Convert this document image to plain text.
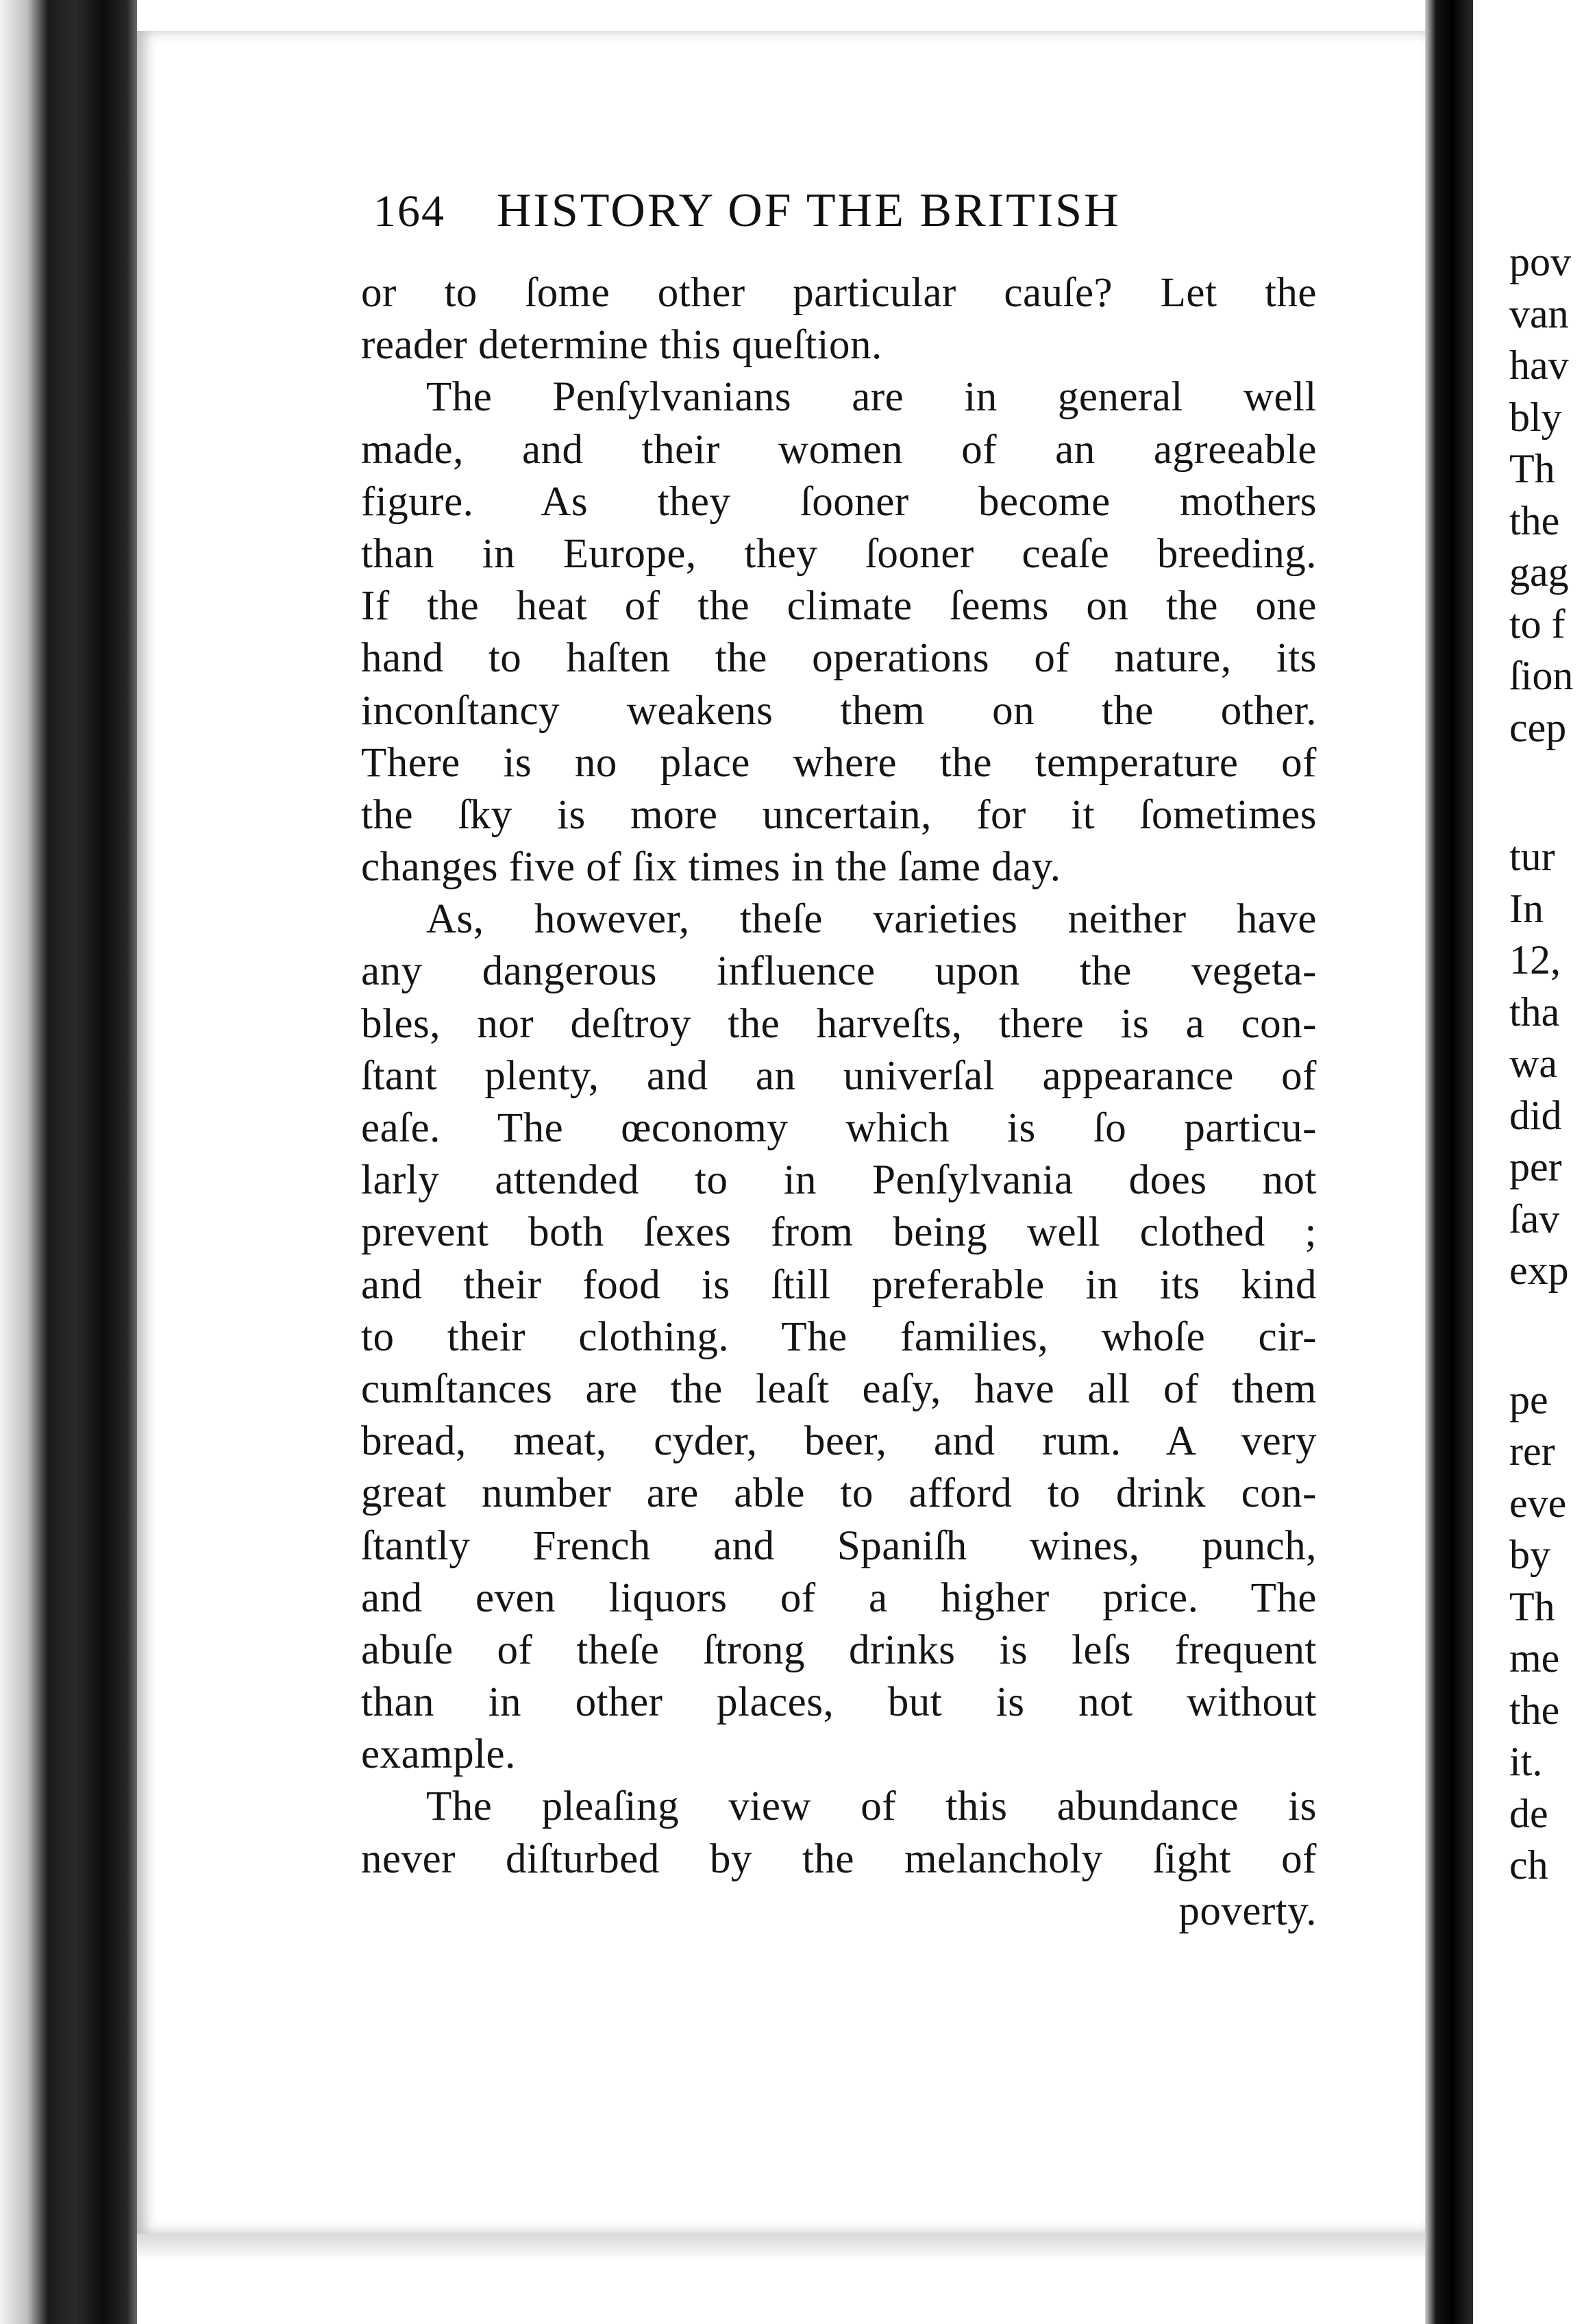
164	HISTORY OF THE BRITISH
or to ſome other particular cauſe? Let the
reader determine this queſtion.
The Penſylvanians are in general well
made, and their women of an agreeable
figure. As they ſooner become mothers
than in Europe, they ſooner ceaſe breeding.
If the heat of the climate ſeems on the one
hand to haſten the operations of nature, its
inconſtancy weakens them on the other.
There is no place where the temperature of
the ſky is more uncertain, for it ſometimes
changes five of ſix times in the ſame day.
As, however, theſe varieties neither have
any dangerous influence upon the vegeta-
bles, nor deſtroy the harveſts, there is a con-
ſtant plenty, and an univerſal appearance of
eaſe. The œconomy which is ſo particu-
larly attended to in Penſylvania does not
prevent both ſexes from being well clothed ;
and their food is ſtill preferable in its kind
to their clothing. The families, whoſe cir-
cumſtances are the leaſt eaſy, have all of them
bread, meat, cyder, beer, and rum. A very
great number are able to afford to drink con-
ſtantly French and Spaniſh wines, punch,
and even liquors of a higher price. The
abuſe of theſe ſtrong drinks is leſs frequent
than in other places, but is not without
example.
The pleaſing view of this abundance is
never diſturbed by the melancholy ſight of
poverty.
pov
van
hav
bly
Th
the
gag
to f
ſion
cep
tur
In
12,
tha
wa
did
per
ſav
exp
pe
rer
eve
by
Th
me
the
it.
de
ch
